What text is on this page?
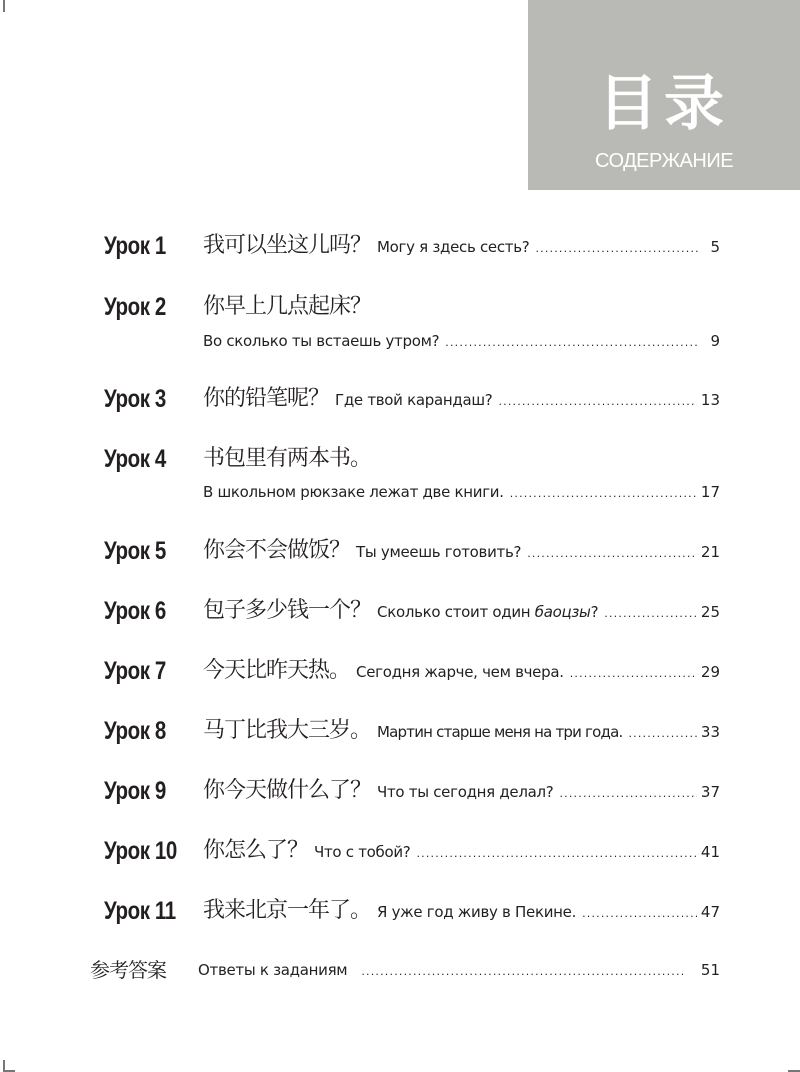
目录
СОДЕРЖАНИЕ
Урок 1 我可以坐这儿吗？ Могу я здесь сесть? .....	5
Урок 2 你早上几点起床？
Во сколько ты встаешь утром? .....	9
Урок 3 你的铅笔呢？ Где твой карандаш? .....	13
Урок 4 书包里有两本书。
В школьном рюкзаке лежат две книги. .....	17
Урок 5 你会不会做饭？ Ты умеешь готовить? .....	21
Урок 6 包子多少钱一个？ Сколько стоит один баоцзы? .....	25
Урок 7 今天比昨天热。 Сегодня жарче, чем вчера. .....	29
Урок 8 马丁比我大三岁。 Мартин старше меня на три года. .....	33
Урок 9 你今天做什么了？ Что ты сегодня делал? .....	37
Урок 10 你怎么了？ Что с тобой? .....	41
Урок 11 我来北京一年了。 Я уже год живу в Пекине. .....	47
参考答案 Ответы к заданиям .....	51
